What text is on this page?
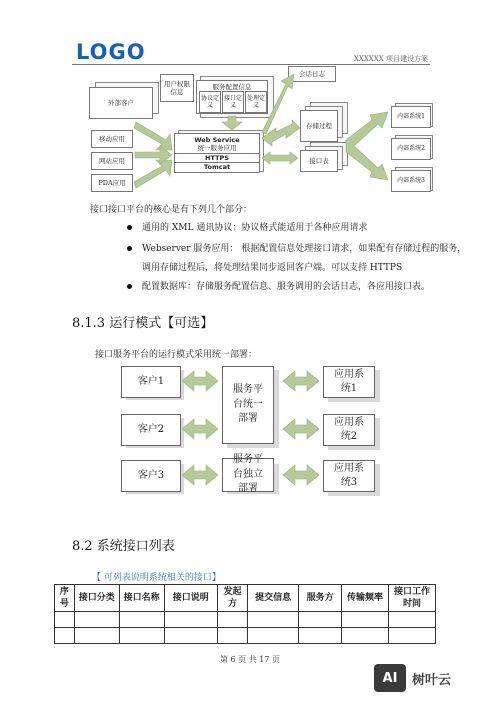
LOGO	XXXXXX 项目建设方案
外部客户
移动应用
网站应用
PDA应用
用户权限信息
服务配置信息
协议定义
接口定义
处理定义
Web Service
统一服务应用
HTTPS
Tomcat
会话日志
存储过程
接口表
内部系统1
内部系统2
内部系统3
接口接口平台的核心是有下列几个部分：
通用的 XML 通讯协议：协议格式能适用于各种应用请求
Webserver 服务应用： 根据配置信息处理接口请求，如果配有存储过程的服务，
调用存储过程后，将处理结果同步返回客户端。可以支持 HTTPS
配置数据库：存储服务配置信息、服务调用的会话日志，各应用接口表。
8.1.3 运行模式【可选】
接口服务平台的运行模式采用统一部署：
客户1
客户2
客户3
服务平台统一部署
服务平台独立部署
应用系统1
应用系统2
应用系统3
8.2 系统接口列表
【 可列表说明系统相关的接口】
序号	接口分类	接口名称	接口说明	发起方	提交信息	服务方	传输频率	接口工作时间

第 6 页 共 17 页
AI	树叶云
